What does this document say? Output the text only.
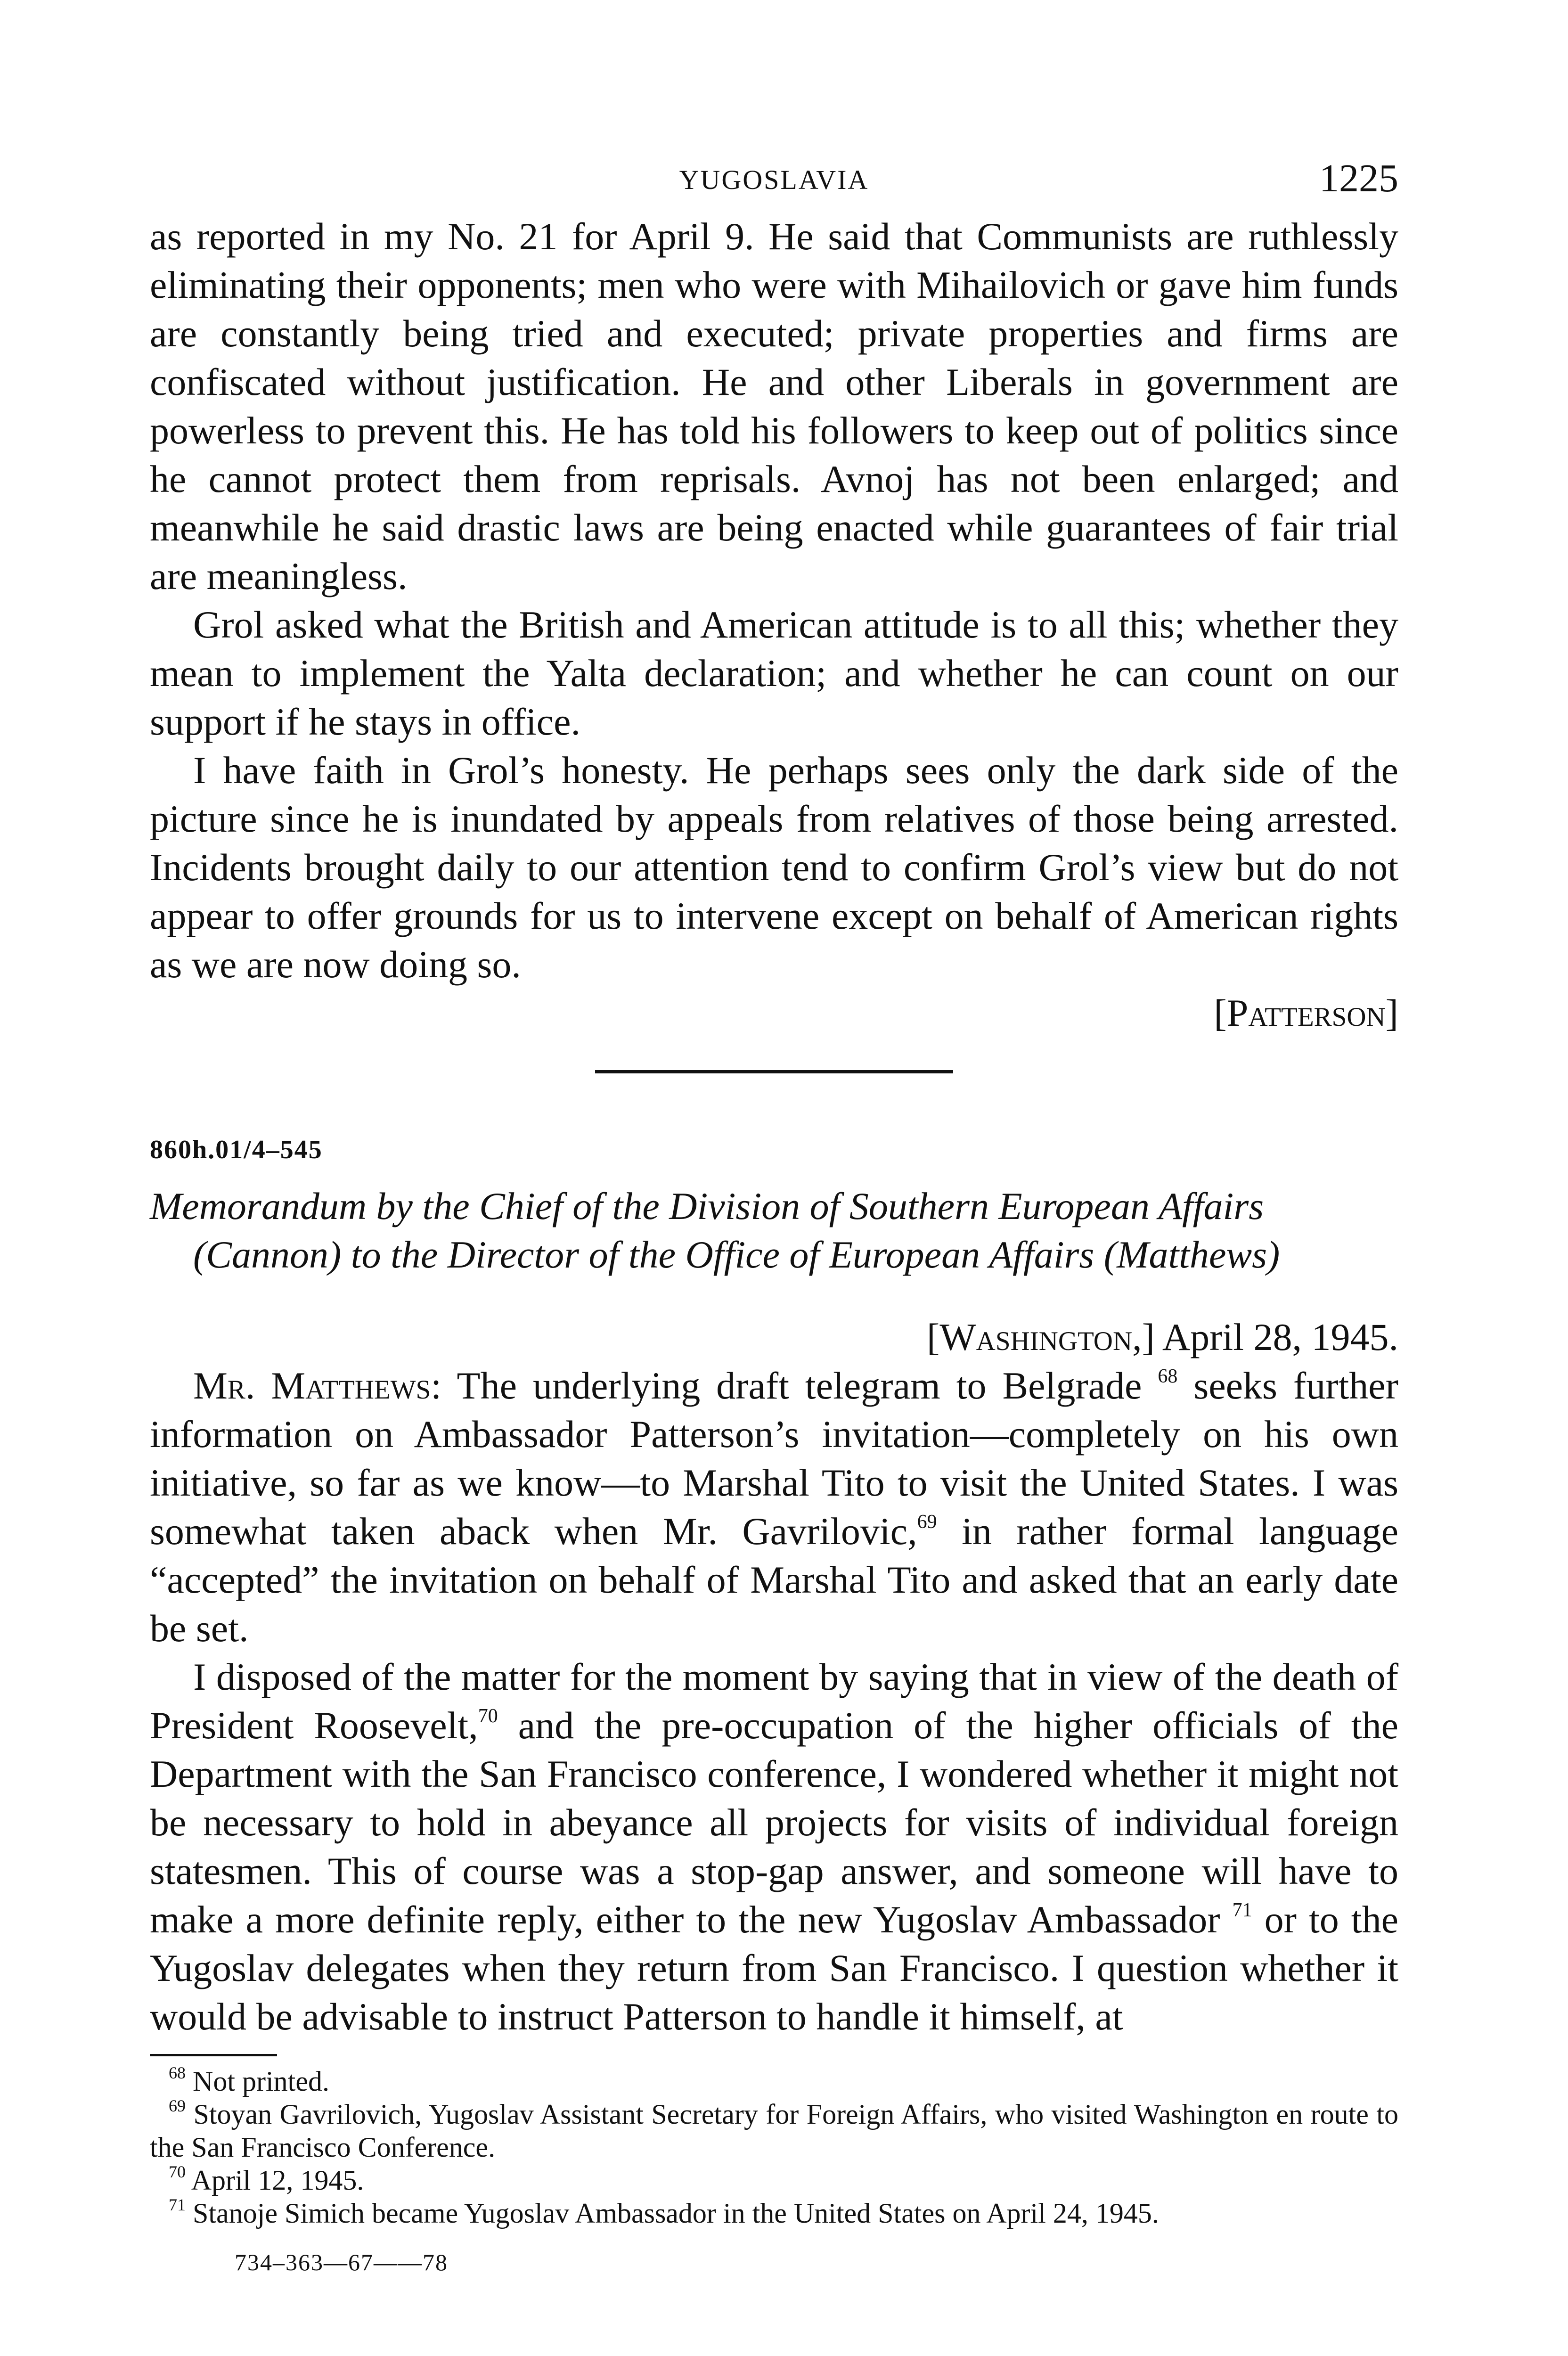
YUGOSLAVIA	1225

as reported in my No. 21 for April 9. He said that Communists are ruthlessly eliminating their opponents; men who were with Mihailovich or gave him funds are constantly being tried and executed; private properties and firms are confiscated without justification. He and other Liberals in government are powerless to prevent this. He has told his followers to keep out of politics since he cannot protect them from reprisals. Avnoj has not been enlarged; and meanwhile he said drastic laws are being enacted while guarantees of fair trial are meaningless.

Grol asked what the British and American attitude is to all this; whether they mean to implement the Yalta declaration; and whether he can count on our support if he stays in office.

I have faith in Grol’s honesty. He perhaps sees only the dark side of the picture since he is inundated by appeals from relatives of those being arrested. Incidents brought daily to our attention tend to confirm Grol’s view but do not appear to offer grounds for us to intervene except on behalf of American rights as we are now doing so.

[Patterson]

860h.01/4–545

Memorandum by the Chief of the Division of Southern European Affairs (Cannon) to the Director of the Office of European Affairs (Matthews)

[Washington,] April 28, 1945.

Mr. Matthews: The underlying draft telegram to Belgrade $^{68}$ seeks further information on Ambassador Patterson’s invitation—completely on his own initiative, so far as we know—to Marshal Tito to visit the United States. I was somewhat taken aback when Mr. Gavrilovic,$^{69}$ in rather formal language “accepted” the invitation on behalf of Marshal Tito and asked that an early date be set.

I disposed of the matter for the moment by saying that in view of the death of President Roosevelt,$^{70}$ and the pre-occupation of the higher officials of the Department with the San Francisco conference, I wondered whether it might not be necessary to hold in abeyance all projects for visits of individual foreign statesmen. This of course was a stop-gap answer, and someone will have to make a more definite reply, either to the new Yugoslav Ambassador $^{71}$ or to the Yugoslav delegates when they return from San Francisco. I question whether it would be advisable to instruct Patterson to handle it himself, at

$^{68}$ Not printed.

$^{69}$ Stoyan Gavrilovich, Yugoslav Assistant Secretary for Foreign Affairs, who visited Washington en route to the San Francisco Conference.

$^{70}$ April 12, 1945.

$^{71}$ Stanoje Simich became Yugoslav Ambassador in the United States on April 24, 1945.

734–363—67——78
